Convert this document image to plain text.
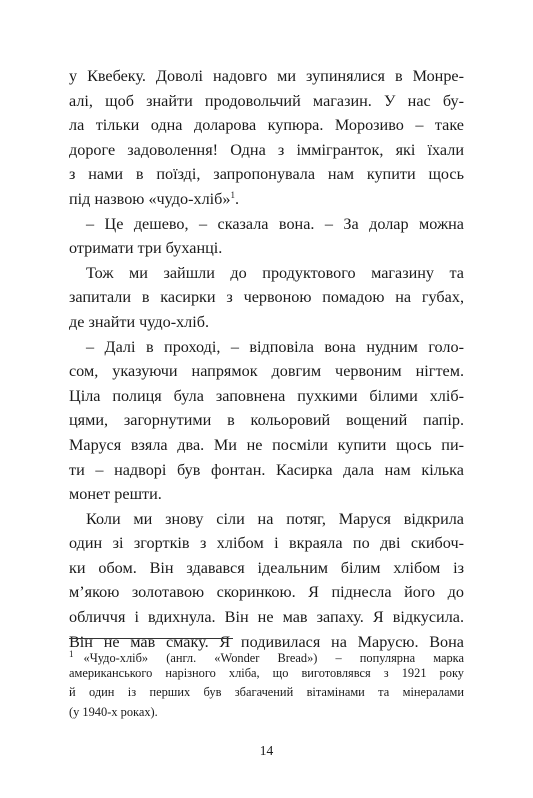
у Квебеку. Доволі надовго ми зупинялися в Монре-
алі, щоб знайти продовольчий магазин. У нас бу-
ла тільки одна доларова купюра. Морозиво – таке
дороге задоволення! Одна з іммігранток, які їхали
з нами в поїзді, запропонувала нам купити щось
під назвою «чудо-хліб»$^1$.
– Це дешево, – сказала вона. – За долар можна
отримати три буханці.
Тож ми зайшли до продуктового магазину та
запитали в касирки з червоною помадою на губах,
де знайти чудо-хліб.
– Далі в проході, – відповіла вона нудним голо-
сом, указуючи напрямок довгим червоним нігтем.
Ціла полиця була заповнена пухкими білими хліб-
цями, загорнутими в кольоровий вощений папір.
Маруся взяла два. Ми не посміли купити щось пи-
ти – надворі був фонтан. Касирка дала нам кілька
монет решти.
Коли ми знову сіли на потяг, Маруся відкрила
один зі згортків з хлібом і вкраяла по дві скибоч-
ки обом. Він здавався ідеальним білим хлібом із
м’якою золотавою скоринкою. Я піднесла його до
обличчя і вдихнула. Він не мав запаху. Я відкусила.
Він не мав смаку. Я подивилася на Марусю. Вона
$^1$ «Чудо-хліб» (англ. «Wonder Bread») – популярна марка
американського нарізного хліба, що виготовлявся з 1921 року
й один із перших був збагачений вітамінами та мінералами
(у 1940-х роках).
14
